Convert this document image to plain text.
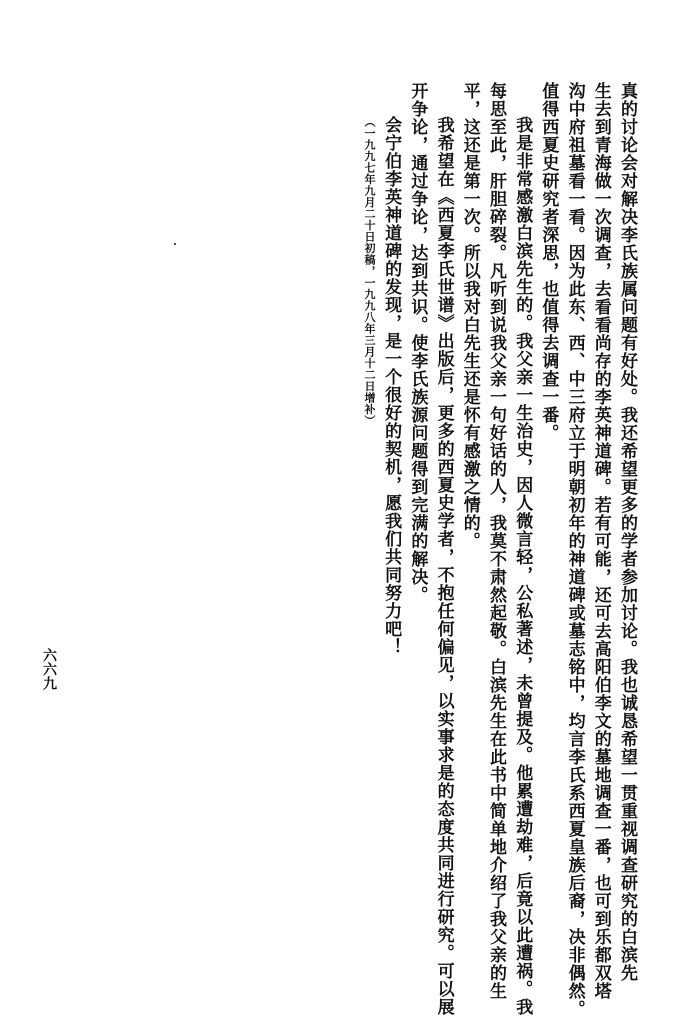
真的讨论会对解决李氏族属问题有好处。我还希望更多的学者参加讨论。我也诚恳希望一贯重视调查研究的白滨先
生去到青海做一次调查，去看看尚存的李英神道碑。若有可能，还可去高阳伯李文的墓地调查一番，也可到乐都双塔
沟中府祖墓看一看。因为此东、西、中三府立于明朝初年的神道碑或墓志铭中，均言李氏系西夏皇族后裔，决非偶然。
值得西夏史研究者深思，也值得去调查一番。
我是非常感激白滨先生的。我父亲一生治史，因人微言轻，公私著述，未曾提及。他累遭劫难，后竟以此遭祸。我
每思至此，肝胆碎裂。凡听到说我父亲一句好话的人，我莫不肃然起敬。白滨先生在此书中简单地介绍了我父亲的生
平，这还是第一次。所以我对白先生还是怀有感激之情的。
我希望在《西夏李氏世谱》出版后，更多的西夏史学者，不抱任何偏见，以实事求是的态度共同进行研究。可以展
开争论，通过争论，达到共识。使李氏族源问题得到完满的解决。
会宁伯李英神道碑的发现，是一个很好的契机，愿我们共同努力吧！
（一九九七年九月二十日初稿，一九九八年三月十二日增补）
六六九
